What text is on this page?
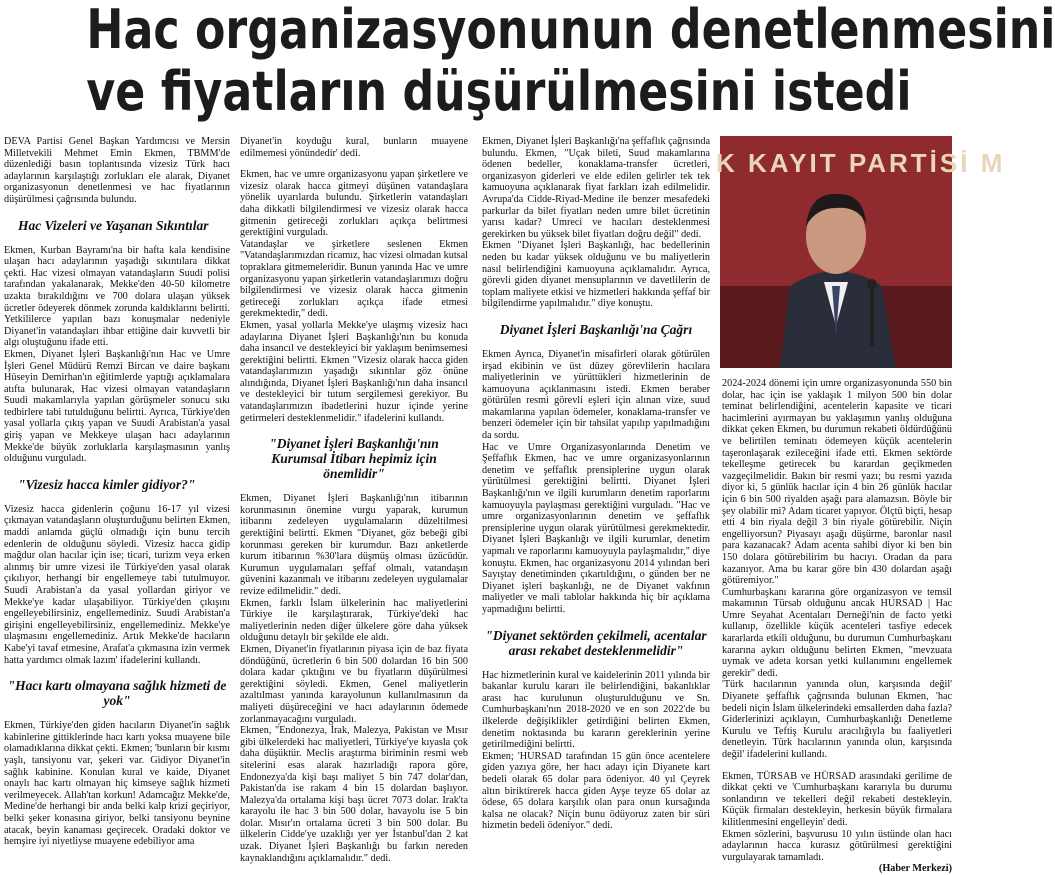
Hac organizasyonunun denetlenmesini
ve fiyatların düşürülmesini istedi

DEVA Partisi Genel Başkan Yardımcısı ve Mersin Milletvekili Mehmet Emin Ekmen, TBMM'de düzenlediği basın toplantısında vizesiz Türk hacı adaylarının karşılaştığı zorlukları ele alarak, Diyanet organizasyonun denetlenmesi ve hac fiyatlarının düşürülmesi çağrısında bulundu.

Hac Vizeleri ve Yaşanan Sıkıntılar

Ekmen, Kurban Bayramı'na bir hafta kala kendisine ulaşan hacı adaylarının yaşadığı sıkıntılara dikkat çekti. Hac vizesi olmayan vatandaşların Suudi polisi tarafından yakalanarak, Mekke'den 40-50 kilometre uzakta bırakıldığını ve 700 dolara ulaşan yüksek ücretler ödeyerek dönmek zorunda kaldıklarını belirtti. Yetkililerce yapılan bazı konuşmalar nedeniyle Diyanet'in vatandaşları ihbar ettiğine dair kuvvetli bir algı oluştuğunu ifade etti.

Ekmen, Diyanet İşleri Başkanlığı'nın Hac ve Umre İşleri Genel Müdürü Remzi Bircan ve daire başkanı Hüseyin Demirhan'ın eğitimlerde yaptığı açıklamalara atıfta bulunarak, Hac vizesi olmayan vatandaşların Suudi makamlarıyla yapılan görüşmeler sonucu sıkı tedbirlere tabi tutulduğunu belirtti. Ayrıca, Türkiye'den yasal yollarla çıkış yapan ve Suudi Arabistan'a yasal giriş yapan ve Mekkeye ulaşan hacı adaylarının Mekke'de büyük zorluklarla karşılaşmasının yanlış olduğunu vurguladı.

"Vizesiz hacca kimler gidiyor?"

Vizesiz hacca gidenlerin çoğunu 16-17 yıl vizesi çıkmayan vatandaşların oluşturduğunu belirten Ekmen, maddi anlamda güçlü olmadığı için bunu tercih edenlerin de olduğunu söyledi. Vizesiz hacca gidip mağdur olan hacılar için ise; ticari, turizm veya erken alınmış bir umre vizesi ile Türkiye'den yasal olarak çıkılıyor, herhangi bir engellemeye tabi tutulmuyor. Suudi Arabistan'a da yasal yollardan giriyor ve Mekke'ye kadar ulaşabiliyor. Türkiye'den çıkışını engelleyebilirsiniz, engellemediniz. Suudi Arabistan'a girişini engelleyebilirsiniz, engellemediniz. Mekke'ye ulaşmasını engellemediniz. Artık Mekke'de hacıların Kabe'yi tavaf etmesine, Arafat'a çıkmasına izin vermek hatta yardımcı olmak lazım' ifadelerini kullandı.

"Hacı kartı olmayana sağlık hizmeti de yok"

Ekmen, Türkiye'den giden hacıların Diyanet'in sağlık kabinlerine gittiklerinde hacı kartı yoksa muayene bile olamadıklarına dikkat çekti. Ekmen; 'bunların bir kısmı yaşlı, tansiyonu var, şekeri var. Gidiyor Diyanet'in sağlık kabinine. Konulan kural ve kaide, Diyanet onaylı hac kartı olmayan hiç kimseye sağlık hizmeti verilmeyecek. Allah'tan korkun! Adamcağız Mekke'de, Medine'de herhangi bir anda belki kalp krizi geçiriyor, belki şeker konasına giriyor, belki tansiyonu beynine atacak, beyin kanaması geçirecek. Oradaki doktor ve hemşire iyi niyetliyse muayene edebiliyor ama

Diyanet'in koyduğu kural, bunların muayene edilmemesi yönündedir' dedi.

Ekmen, hac ve umre organizasyonu yapan şirketlere ve vizesiz olarak hacca gitmeyi düşünen vatandaşlara yönelik uyarılarda bulundu. Şirketlerin vatandaşları daha dikkatli bilgilendirmesi ve vizesiz olarak hacca gitmenin getireceği zorlukları açıkça belirtmesi gerektiğini vurguladı.

Vatandaşlar ve şirketlere seslenen Ekmen "Vatandaşlarımızdan ricamız, hac vizesi olmadan kutsal topraklara gitmemeleridir. Bunun yanında Hac ve umre organizasyonu yapan şirketlerin vatandaşlarımızı doğru bilgilendirmesi ve vizesiz olarak hacca gitmenin getireceği zorlukları açıkça ifade etmesi gerekmektedir," dedi.

Ekmen, yasal yollarla Mekke'ye ulaşmış vizesiz hacı adaylarına Diyanet İşleri Başkanlığı'nın bu konuda daha insancıl ve destekleyici bir yaklaşım benimsemesi gerektiğini belirtti. Ekmen "Vizesiz olarak hacca giden vatandaşlarımızın yaşadığı sıkıntılar göz önüne alındığında, Diyanet İşleri Başkanlığı'nın daha insancıl ve destekleyici bir tutum sergilemesi gerekiyor. Bu vatandaşlarımızın ibadetlerini huzur içinde yerine getirmeleri desteklenmelidir." ifadelerini kullandı.

"Diyanet İşleri Başkanlığı'nın Kurumsal İtibarı hepimiz için önemlidir"

Ekmen, Diyanet İşleri Başkanlığı'nın itibarının korunmasının önemine vurgu yaparak, kurumun itibarını zedeleyen uygulamaların düzeltilmesi gerektiğini belirtti. Ekmen "Diyanet, göz bebeği gibi korunması gereken bir kurumdur. Bazı anketlerde kurum itibarının %30'lara düşmüş olması üzücüdür. Kurumun uygulamaları şeffaf olmalı, vatandaşın güvenini kazanmalı ve itibarını zedeleyen uygulamalar revize edilmelidir." dedi.

Ekmen, farklı İslam ülkelerinin hac maliyetlerini Türkiye ile karşılaştırarak, Türkiye'deki hac maliyetlerinin neden diğer ülkelere göre daha yüksek olduğunu detaylı bir şekilde ele aldı.

Ekmen, Diyanet'in fiyatlarının piyasa için de baz fiyata döndüğünü, ücretlerin 6 bin 500 dolardan 16 bin 500 dolara kadar çıktığını ve bu fiyatların düşürülmesi gerektiğini söyledi. Ekmen, Genel maliyetlerin azaltılması yanında karayolunun kullanılmasının da maliyeti düşüreceğini ve hacı adaylarının ödemede zorlanmayacağını vurguladı.

Ekmen, "Endonezya, İrak, Malezya, Pakistan ve Mısır gibi ülkelerdeki hac maliyetleri, Türkiye'ye kıyasla çok daha düşüktür. Meclis araştırma biriminin resmi web sitelerini esas alarak hazırladığı rapora göre, Endonezya'da kişi başı maliyet 5 bin 747 dolar'dan, Pakistan'da ise rakam 4 bin 15 dolardan başlıyor. Malezya'da ortalama kişi başı ücret 7073 dolar. Irak'ta karayolu ile hac 3 bin 500 dolar, havayolu ise 5 bin dolar. Mısır'ın ortalama ücreti 3 bin 500 dolar. Bu ülkelerin Cidde'ye uzaklığı yer yer İstanbul'dan 2 kat uzak. Diyanet İşleri Başkanlığı bu farkın nereden kaynaklandığını açıklamalıdır." dedi.

Ekmen, Diyanet İşleri Başkanlığı'na şeffaflık çağrısında bulundu. Ekmen, "Uçak bileti, Suud makamlarına ödenen bedeller, konaklama-transfer ücretleri, organizasyon giderleri ve elde edilen gelirler tek tek kamuoyuna açıklanarak fiyat farkları izah edilmelidir. Avrupa'da Cidde-Riyad-Medine ile benzer mesafedeki parkurlar da bilet fiyatları neden umre bilet ücretinin yarısı kadar? Umreci ve hacıları desteklenmesi gerekirken bu yüksek bilet fiyatları doğru değil" dedi.

Ekmen "Diyanet İşleri Başkanlığı, hac bedellerinin neden bu kadar yüksek olduğunu ve bu maliyetlerin nasıl belirlendiğini kamuoyuna açıklamalıdır. Ayrıca, görevli giden diyanet mensuplarının ve davetlilerin de toplam maliyete etkisi ve hizmetleri hakkında şeffaf bir bilgilendirme yapılmalıdır." diye konuştu.

Diyanet İşleri Başkanlığı'na Çağrı

Ekmen Ayrıca, Diyanet'in misafirleri olarak götürülen irşad ekibinin ve üst düzey görevlilerin hacılara maliyetlerinin ve yürüttükleri hizmetlerinin de kamuoyuna açıklanmasını istedi. Ekmen beraber götürülen resmi görevli eşleri için alınan vize, suud makamlarına yapılan ödemeler, konaklama-transfer ve benzeri ödemeler için bir tahsilat yapılıp yapılmadığını da sordu.

Hac ve Umre Organizasyonlarında Denetim ve Şeffaflık Ekmen, hac ve umre organizasyonlarının denetim ve şeffaflık prensiplerine uygun olarak yürütülmesi gerektiğini belirtti. Diyanet İşleri Başkanlığı'nın ve ilgili kurumların denetim raporlarını kamuoyuyla paylaşması gerektiğini vurguladı. "Hac ve umre organizasyonlarının denetim ve şeffaflık prensiplerine uygun olarak yürütülmesi gerekmektedir. Diyanet İşleri Başkanlığı ve ilgili kurumlar, denetim yapmalı ve raporlarını kamuoyuyla paylaşmalıdır," diye konuştu. Ekmen, hac organizasyonu 2014 yılından beri Sayıştay denetiminden çıkartıldığını, o günden ber ne Diyanet işleri başkanlığı, ne de Diyanet vakfının maliyetler ve mali tablolar hakkında hiç bir açıklama yapmadığını belirtti.

"Diyanet sektörden çekilmeli, acentalar arası rekabet desteklenmelidir"

Hac hizmetlerinin kural ve kaidelerinin 2011 yılında bir bakanlar kurulu kararı ile belirlendiğini, bakanlıklar arası hac kurulunun oluşturulduğunu ve Sn. Cumhurbaşkanı'nın 2018-2020 ve en son 2022'de bu ilkelerde değişiklikler getirdiğini belirten Ekmen, denetim noktasında bu kararın gereklerinin yerine getirilmediğini belirtti.

Ekmen; 'HURSAD tarafından 15 gün önce acentelere giden yazıya göre, her hacı adayı için Diyanete kart bedeli olarak 65 dolar para ödeniyor. 40 yıl Çeyrek altın biriktirerek hacca giden Ayşe teyze 65 dolar az ödese, 65 dolara karşılık olan para onun kursağında kalsa ne olacak? Niçin bunu ödüyoruz zaten bir süri hizmetin bedeli ödeniyor." dedi.

K KAYIT PARTİSİ M

2024-2024 dönemi için umre organizasyonunda 550 bin dolar, hac için ise yaklaşık 1 milyon 500 bin dolar teminat belirlendiğini, acentelerin kapasite ve ticari hacimlerini ayırmayan bu yaklaşımın yanlış olduğuna dikkat çeken Ekmen, bu durumun rekabeti öldürdüğünü ve belirtilen teminatı ödemeyen küçük acentelerin taşeronlaşarak ezileceğini ifade etti. Ekmen sektörde tekelleşme getirecek bu karardan geçikmeden vazgeçilmelidir. Bakın bir resmi yazı; bu resmi yazıda diyor ki, 5 günlük hacılar için 4 bin 26 günlük hacılar için 6 bin 500 riyalden aşağı para alamazsın. Böyle bir şey olabilir mi? Adam ticaret yapıyor. Ölçtü biçti, hesap etti 4 bin riyala değil 3 bin riyale götürebilir. Niçin engelliyorsun? Piyasayı aşağı düşürme, baronlar nasıl para kazanacak? Adam acenta sahibi diyor ki ben bin 150 dolara götürebilirim bu hacıyı. Oradan da para kazanıyor. Ama bu karar göre bin 430 dolardan aşağı götüremiyor."

Cumhurbaşkanı kararına göre organizasyon ve temsil makamının Türsab olduğunu ancak HURSAD | Hac Umre Seyahat Acentaları Derneği'nin de facto yetki kullanıp, özellikle küçük acenteleri tasfiye edecek kararlarda etkili olduğunu, bu durumun Cumhurbaşkanı kararına aykırı olduğunu belirten Ekmen, "mevzuata uymak ve adeta korsan yetki kullanımını engellemek gerekir" dedi.

'Türk hacılarının yanında olun, karşısında değil' Diyanete şeffaflık çağrısında bulunan Ekmen, 'hac bedeli niçin İslam ülkelerindeki emsallerden daha fazla? Giderlerinizi açıklayın, Cumhurbaşkanlığı Denetleme Kurulu ve Teftiş Kurulu aracılığıyla bu faaliyetleri denetleyin. Türk hacılarının yanında olun, karşısında değil' ifadelerini kullandı.

Ekmen, TÜRSAB ve HÜRSAD arasındaki gerilime de dikkat çekti ve 'Cumhurbaşkanı kararıyla bu durumu sonlandırın ve tekelleri değil rekabeti destekleyin. Küçük firmaları destekleyin, herkesin büyük firmalara kilitlenmesini engelleyin' dedi.

Ekmen sözlerini, başvurusu 10 yılın üstünde olan hacı adaylarının hacca kurasız götürülmesi gerektiğini vurgulayarak tamamladı.

(Haber Merkezi)
